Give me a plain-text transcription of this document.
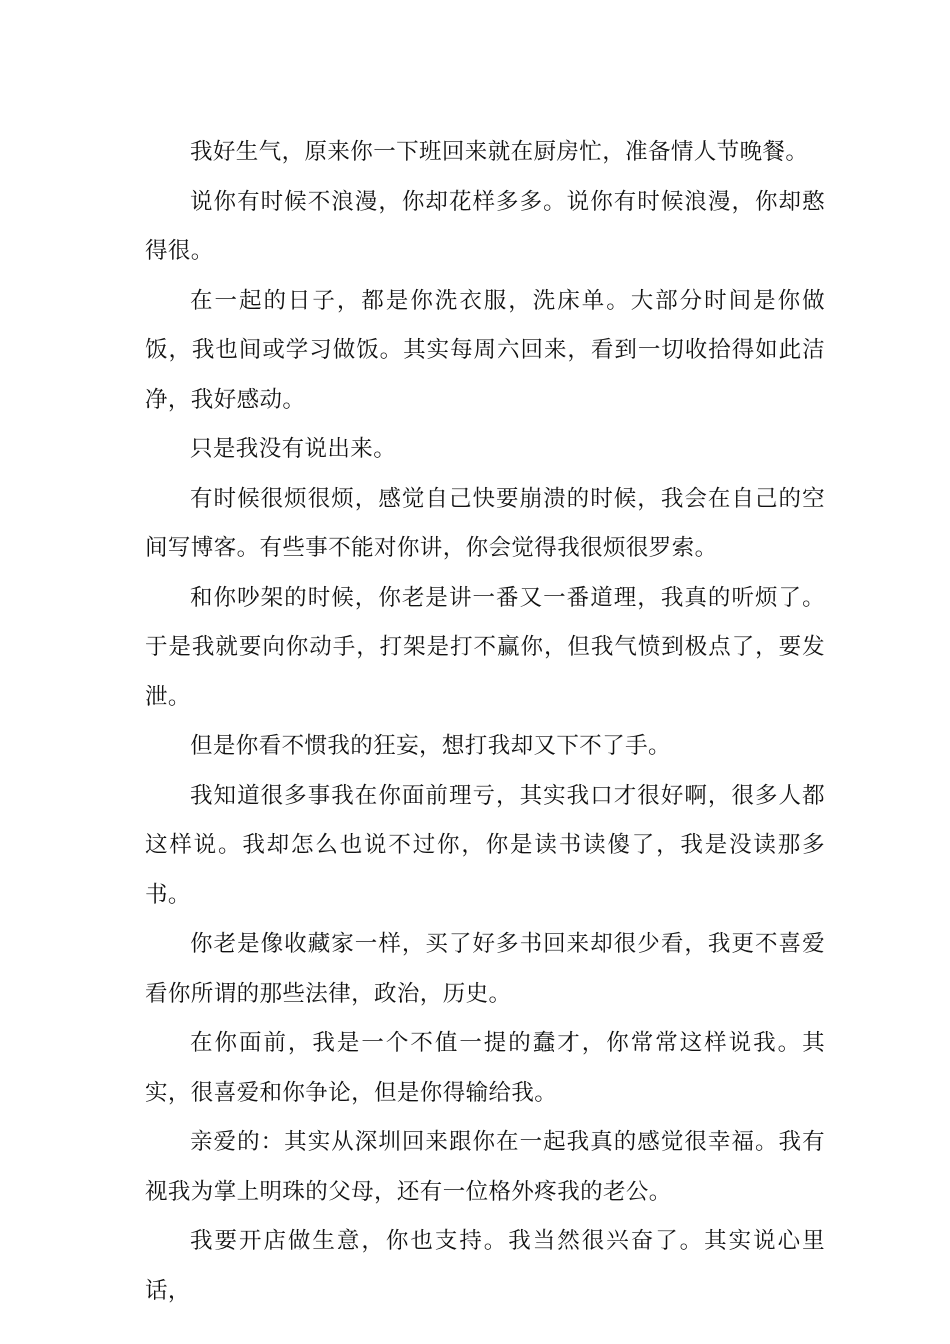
我好生气，原来你一下班回来就在厨房忙，准备情人节晚餐。

说你有时候不浪漫，你却花样多多。说你有时候浪漫，你却憨得很。

在一起的日子，都是你洗衣服，洗床单。大部分时间是你做饭，我也间或学习做饭。其实每周六回来，看到一切收拾得如此洁净，我好感动。

只是我没有说出来。

有时候很烦很烦，感觉自己快要崩溃的时候，我会在自己的空间写博客。有些事不能对你讲，你会觉得我很烦很罗索。

和你吵架的时候，你老是讲一番又一番道理，我真的听烦了。于是我就要向你动手，打架是打不赢你，但我气愤到极点了，要发泄。

但是你看不惯我的狂妄，想打我却又下不了手。

我知道很多事我在你面前理亏，其实我口才很好啊，很多人都这样说。我却怎么也说不过你，你是读书读傻了，我是没读那多书。

你老是像收藏家一样，买了好多书回来却很少看，我更不喜爱看你所谓的那些法律，政治，历史。

在你面前，我是一个不值一提的蠢才，你常常这样说我。其实，很喜爱和你争论，但是你得输给我。

亲爱的：其实从深圳回来跟你在一起我真的感觉很幸福。我有视我为掌上明珠的父母，还有一位格外疼我的老公。

我要开店做生意，你也支持。我当然很兴奋了。其实说心里话，
